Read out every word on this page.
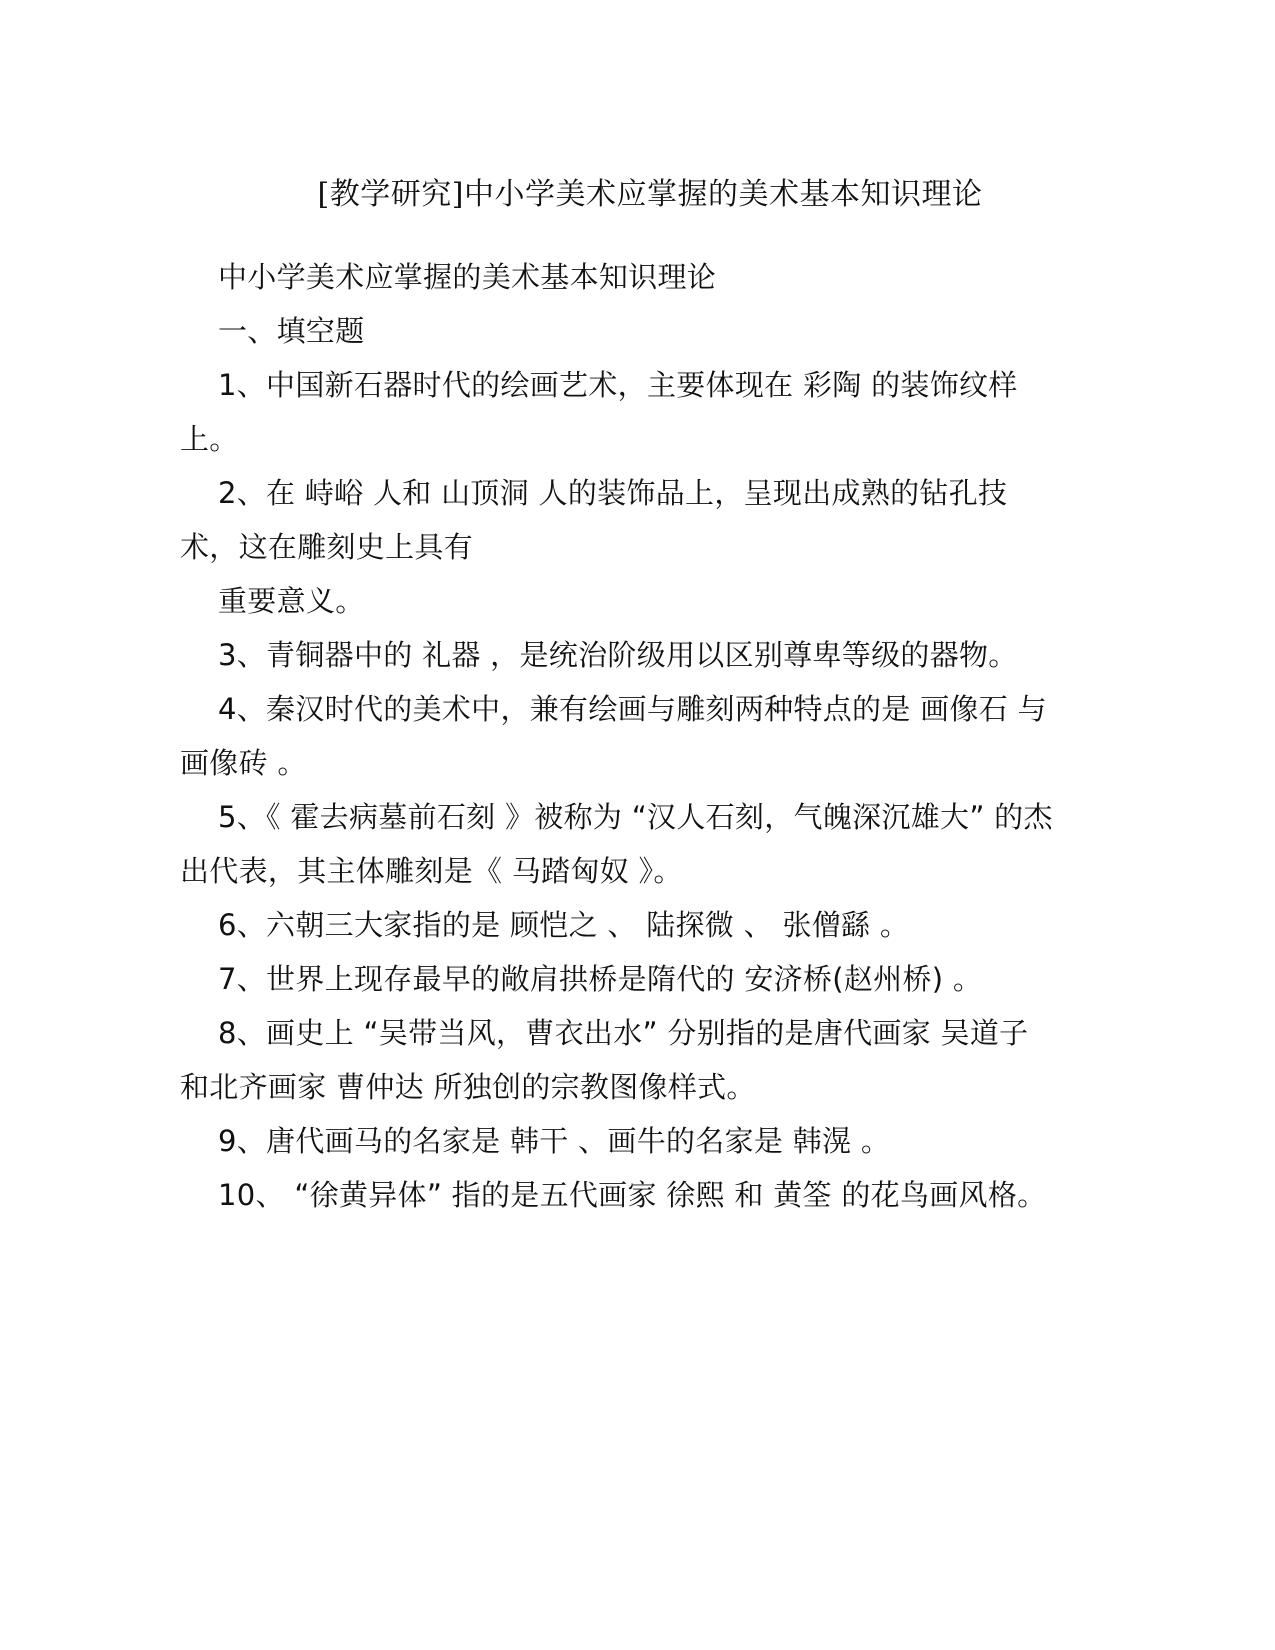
[教学研究]中小学美术应掌握的美术基本知识理论

中小学美术应掌握的美术基本知识理论

一、填空题

1、中国新石器时代的绘画艺术，主要体现在 彩陶 的装饰纹样上。

2、在 峙峪 人和 山顶洞 人的装饰品上，呈现出成熟的钻孔技术，这在雕刻史上具有

重要意义。

3、青铜器中的 礼器 ，是统治阶级用以区别尊卑等级的器物。

4、秦汉时代的美术中，兼有绘画与雕刻两种特点的是 画像石 与 画像砖 。

5、《 霍去病墓前石刻 》被称为 “汉人石刻，气魄深沉雄大” 的杰出代表，其主体雕刻是《 马踏匈奴 》。

6、六朝三大家指的是 顾恺之 、 陆探微 、 张僧繇 。

7、世界上现存最早的敞肩拱桥是隋代的 安济桥(赵州桥) 。

8、画史上 “吴带当风，曹衣出水” 分别指的是唐代画家 吴道子 和北齐画家 曹仲达 所独创的宗教图像样式。

9、唐代画马的名家是 韩干 、画牛的名家是 韩滉 。

10、 “徐黄异体” 指的是五代画家 徐熙 和 黄筌 的花鸟画风格。
